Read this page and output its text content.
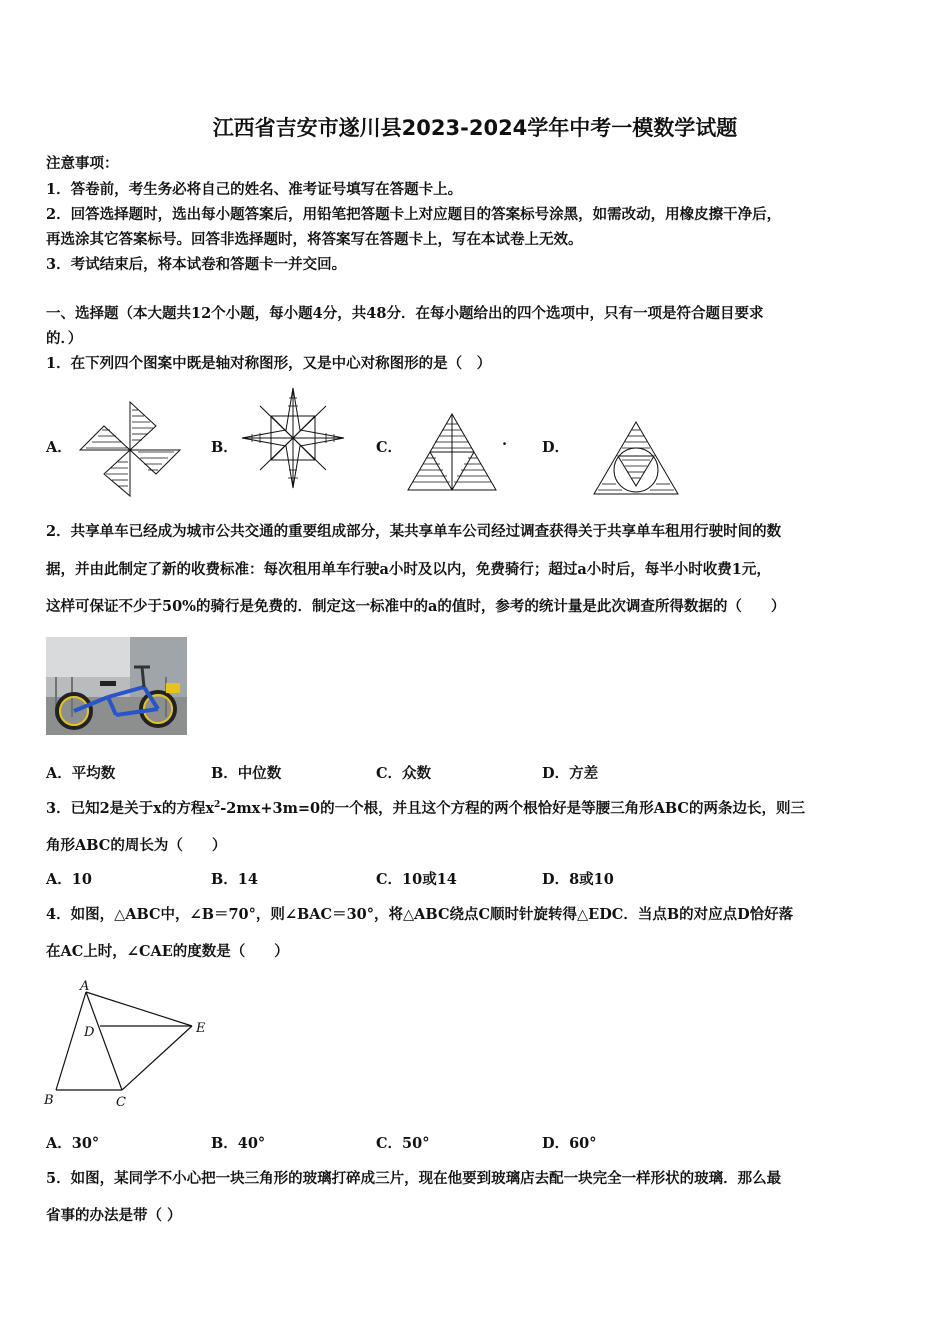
江西省吉安市遂川县2023-2024学年中考一模数学试题
注意事项：
1．答卷前，考生务必将自己的姓名、准考证号填写在答题卡上。
2．回答选择题时，选出每小题答案后，用铅笔把答题卡上对应题目的答案标号涂黑，如需改动，用橡皮擦干净后，
再选涂其它答案标号。回答非选择题时，将答案写在答题卡上，写在本试卷上无效。
3．考试结束后，将本试卷和答题卡一并交回。
一、选择题（本大题共12个小题，每小题4分，共48分．在每小题给出的四个选项中，只有一项是符合题目要求
的．）
1．在下列四个图案中既是轴对称图形，又是中心对称图形的是（　）
A．	B．	C．	. D．
2．共享单车已经成为城市公共交通的重要组成部分，某共享单车公司经过调查获得关于共享单车租用行驶时间的数
据，并由此制定了新的收费标准：每次租用单车行驶a小时及以内，免费骑行；超过a小时后，每半小时收费1元，
这样可保证不少于50%的骑行是免费的．制定这一标准中的a的值时，参考的统计量是此次调查所得数据的（　　）
A．平均数	B．中位数	C．众数	D．方差
3．已知2是关于x的方程$x^2-2mx+3m=0$的一个根，并且这个方程的两个根恰好是等腰三角形ABC的两条边长，则三
角形ABC的周长为（　　）
A．10	B．14	C．10或14	D．8或10
4．如图，△ABC中，∠B＝70°，则∠BAC＝30°，将△ABC绕点C顺时针旋转得△EDC．当点B的对应点D恰好落
在AC上时，∠CAE的度数是（　　）
A
D	E
B	C
A．30°	B．40°	C．50°	D．60°
5．如图，某同学不小心把一块三角形的玻璃打碎成三片，现在他要到玻璃店去配一块完全一样形状的玻璃．那么最
省事的办法是带（ ）
